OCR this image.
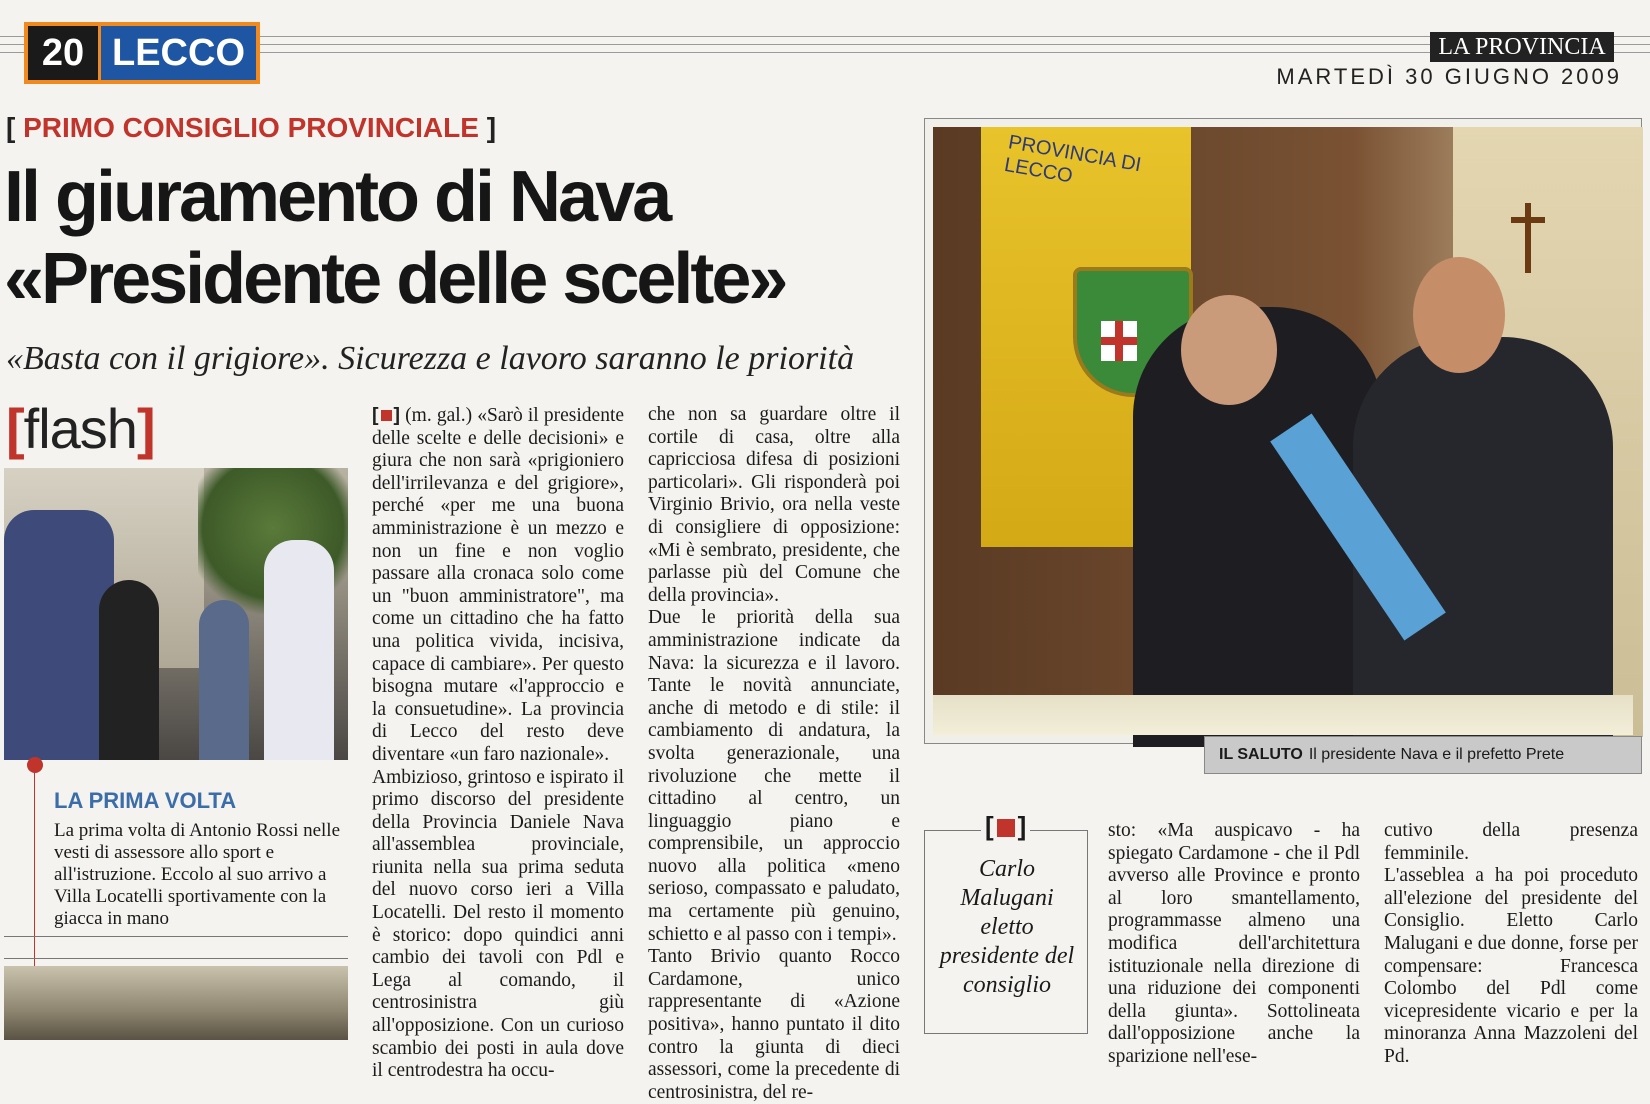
20 LECCO	LA PROVINCIA
MARTEDÌ 30 GIUGNO 2009
[ PRIMO CONSIGLIO PROVINCIALE ]
Il giuramento di Nava
«Presidente delle scelte»
«Basta con il grigiore». Sicurezza e lavoro saranno le priorità
[flash]
LA PRIMA VOLTA
La prima volta di Antonio Rossi nelle vesti di assessore allo sport e all'istruzione. Eccolo al suo arrivo a Villa Locatelli sportivamente con la giacca in mano

[ ] (m. gal.) «Sarò il presidente delle scelte e delle decisioni» e giura che non sarà «prigioniero dell'irrilevanza e del grigiore», perché «per me una buona amministrazione è un mezzo e non un fine e non voglio passare alla cronaca solo come un "buon amministratore", ma come un cittadino che ha fatto una politica vivida, incisiva, capace di cambiare». Per questo bisogna mutare «l'approccio e la consuetudine». La provincia di Lecco del resto deve diventare «un faro nazionale».

Ambizioso, grintoso e ispirato il primo discorso del presidente della Provincia Daniele Nava all'assemblea provinciale, riunita nella sua prima seduta del nuovo corso ieri a Villa Locatelli. Del resto il momento è storico: dopo quindici anni cambio dei tavoli con Pdl e Lega al comando, il centrosinistra giù all'opposizione. Con un curioso scambio dei posti in aula dove il centrodestra ha occu-

che non sa guardare oltre il cortile di casa, oltre alla capricciosa difesa di posizioni particolari». Gli risponderà poi Virginio Brivio, ora nella veste di consigliere di opposizione: «Mi è sembrato, presidente, che parlasse più del Comune che della provincia».

Due le priorità della sua amministrazione indicate da Nava: la sicurezza e il lavoro. Tante le novità annunciate, anche di metodo e di stile: il cambiamento di andatura, la svolta generazionale, una rivoluzione che mette il cittadino al centro, un linguaggio piano e comprensibile, un approccio nuovo alla politica «meno serioso, compassato e paludato, ma certamente più genuino, schietto e al passo con i tempi».

Tanto Brivio quanto Rocco Cardamone, unico rappresentante di «Azione positiva», hanno puntato il dito contro la giunta di dieci assessori, come la precedente di centrosinistra, del re-

sto: «Ma auspicavo - ha spiegato Cardamone - che il Pdl avverso alle Province e pronto al loro smantellamento, programmasse almeno una modifica dell'architettura istituzionale nella direzione di una riduzione dei componenti della giunta». Sottolineata dall'opposizione anche la sparizione nell'ese-

cutivo della presenza femminile.

L'asseblea a ha poi proceduto all'elezione del presidente del Consiglio. Eletto Carlo Malugani e due donne, forse per compensare: Francesca Colombo del Pdl come vicepresidente vicario e per la minoranza Anna Mazzoleni del Pd.

PROVINCIA DI LECCO
IL SALUTO Il presidente Nava e il prefetto Prete
[ ]
Carlo Malugani eletto presidente del consiglio
